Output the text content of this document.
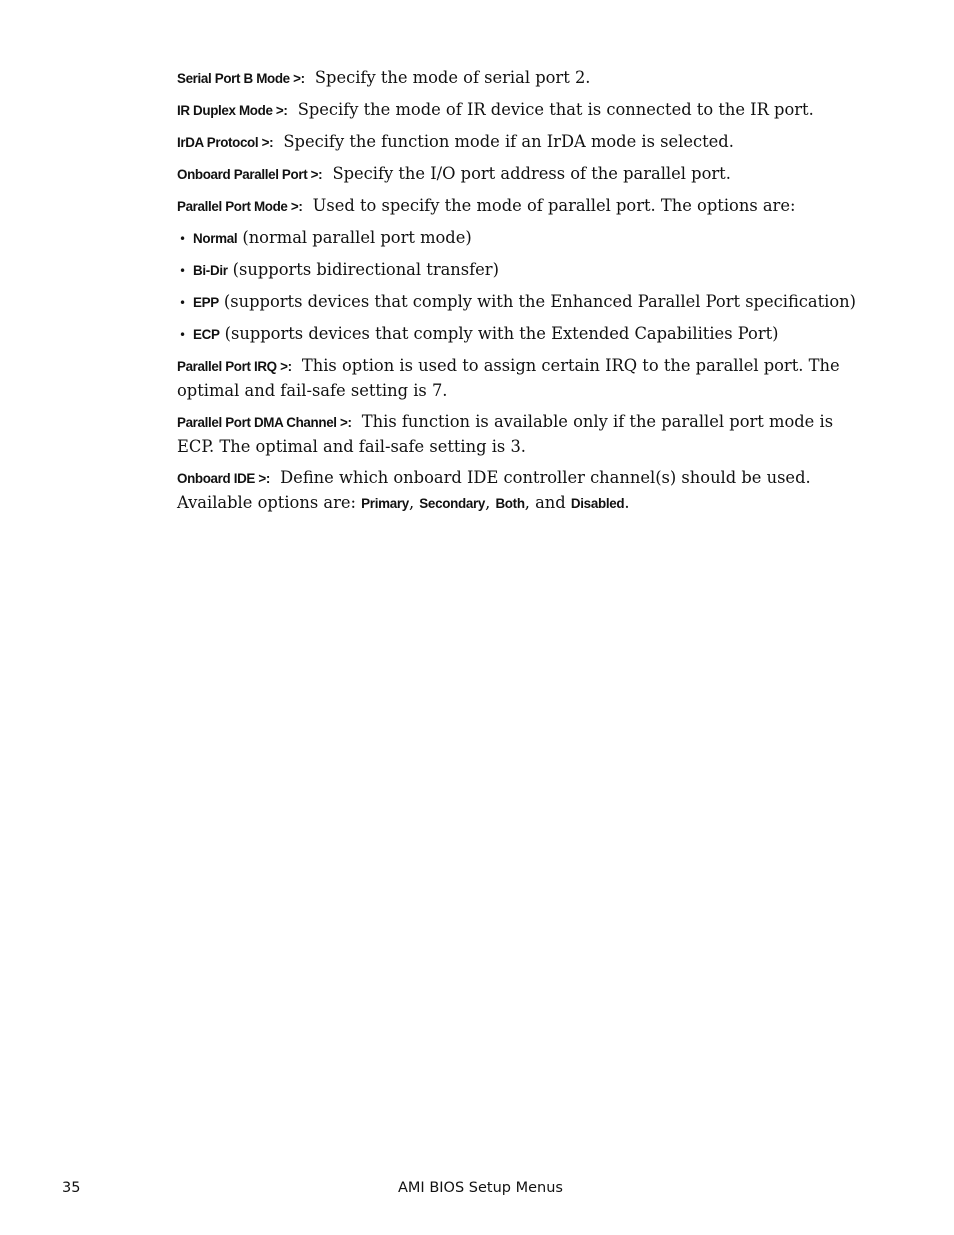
Serial Port B Mode >: Specify the mode of serial port 2.

IR Duplex Mode >: Specify the mode of IR device that is connected to the IR port.

IrDA Protocol >: Specify the function mode if an IrDA mode is selected.

Onboard Parallel Port >: Specify the I/O port address of the parallel port.

Parallel Port Mode >: Used to specify the mode of parallel port. The options are:

• Normal (normal parallel port mode)
• Bi-Dir (supports bidirectional transfer)
• EPP (supports devices that comply with the Enhanced Parallel Port specification)
• ECP (supports devices that comply with the Extended Capabilities Port)

Parallel Port IRQ >: This option is used to assign certain IRQ to the parallel port. The optimal and fail-safe setting is 7.

Parallel Port DMA Channel >: This function is available only if the parallel port mode is ECP. The optimal and fail-safe setting is 3.

Onboard IDE >: Define which onboard IDE controller channel(s) should be used. Available options are: Primary, Secondary, Both, and Disabled.

35	AMI BIOS Setup Menus
